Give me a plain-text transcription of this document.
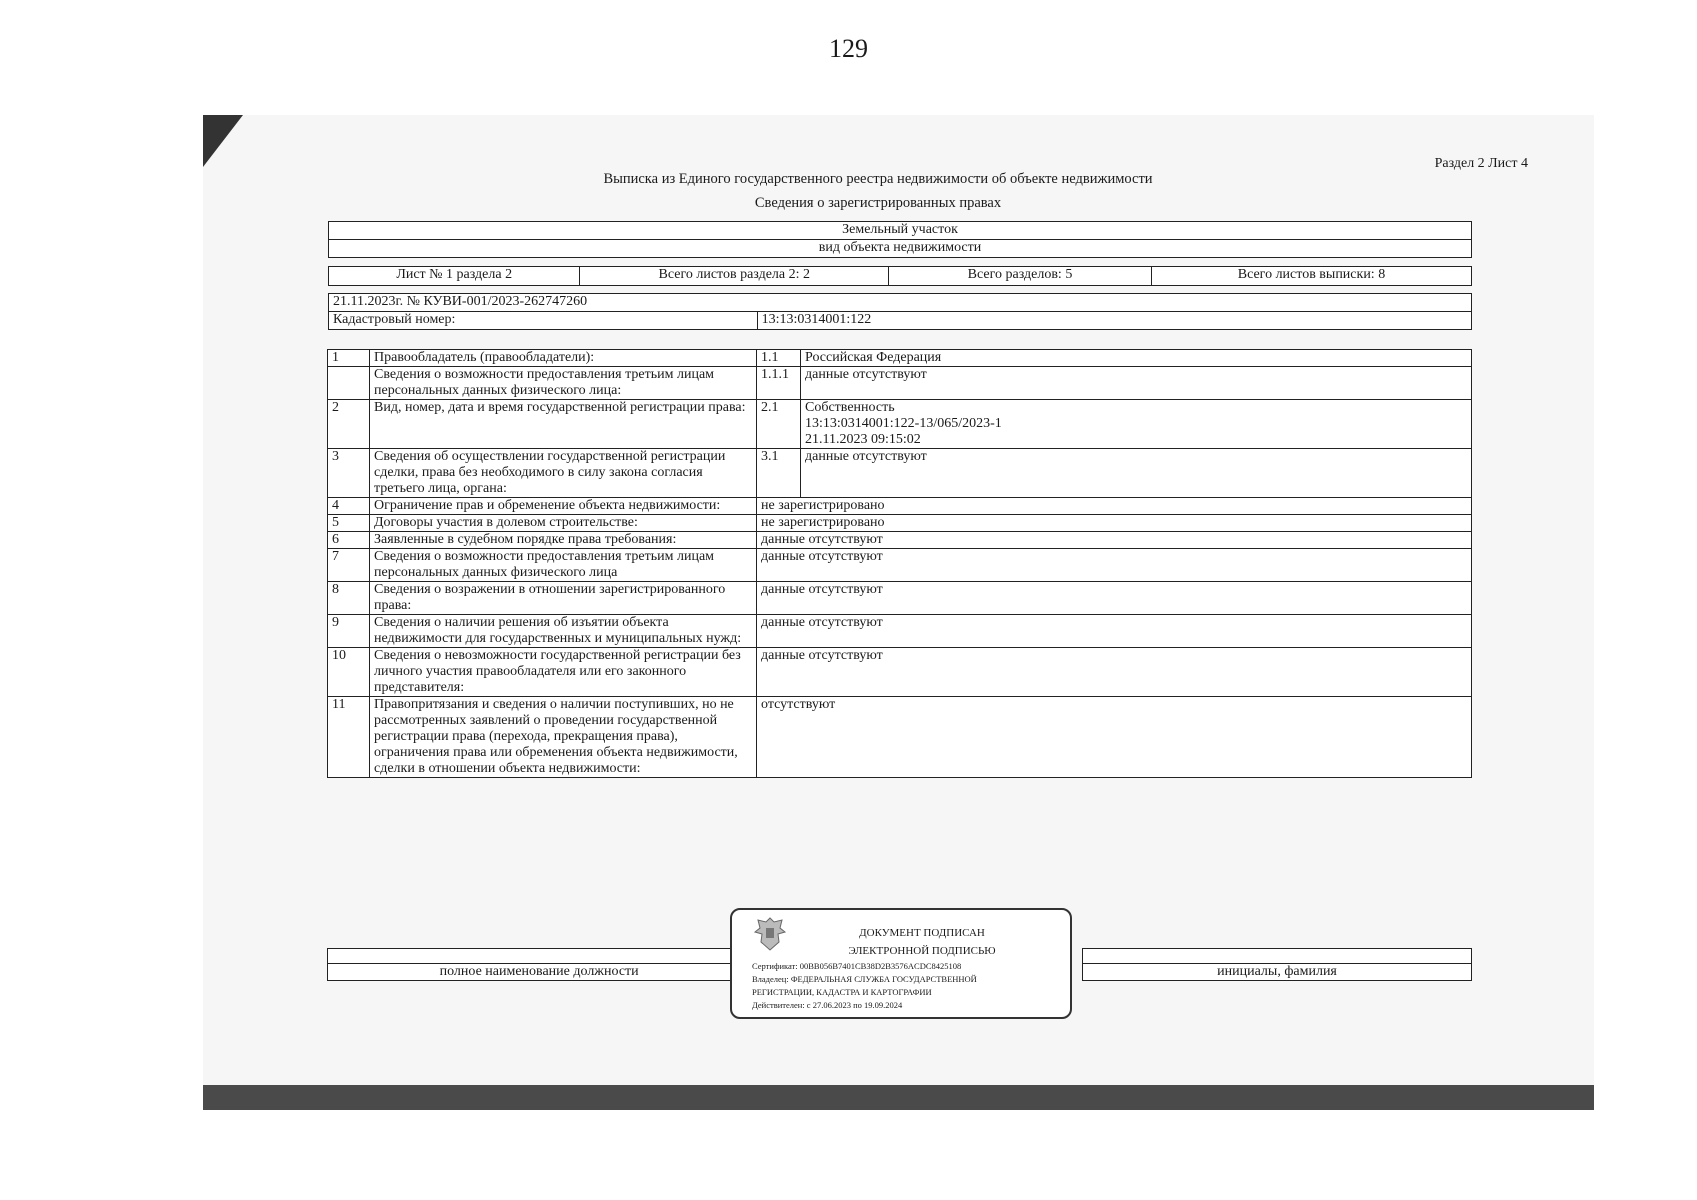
129
Раздел 2 Лист 4
Выписка из Единого государственного реестра недвижимости об объекте недвижимости
Сведения о зарегистрированных правах
Земельный участок
вид объекта недвижимости
Лист № 1 раздела 2	Всего листов раздела 2: 2	Всего разделов: 5	Всего листов выписки: 8
21.11.2023г. № КУВИ-001/2023-262747260
Кадастровый номер:	13:13:0314001:122
1	Правообладатель (правообладатели):	1.1	Российская Федерация
	Сведения о возможности предоставления третьим лицам персональных данных физического лица:	1.1.1	данные отсутствуют
2	Вид, номер, дата и время государственной регистрации права:	2.1	Собственность
13:13:0314001:122-13/065/2023-1
21.11.2023 09:15:02

3	Сведения об осуществлении государственной регистрации сделки, права без необходимого в силу закона согласия третьего лица, органа:	3.1	данные отсутствуют
4	Ограничение прав и обременение объекта недвижимости:	не зарегистрировано	
5	Договоры участия в долевом строительстве:	не зарегистрировано	
6	Заявленные в судебном порядке права требования:	данные отсутствуют	
7	Сведения о возможности предоставления третьим лицам персональных данных физического лица	данные отсутствуют	
8	Сведения о возражении в отношении зарегистрированного права:	данные отсутствуют	
9	Сведения о наличии решения об изъятии объекта недвижимости для государственных и муниципальных нужд:	данные отсутствуют	
10	Сведения о невозможности государственной регистрации без личного участия правообладателя или его законного представителя:	данные отсутствуют	
11	Правопритязания и сведения о наличии поступивших, но не рассмотренных заявлений о проведении государственной регистрации права (перехода, прекращения права), ограничения права или обременения объекта недвижимости, сделки в отношении объекта недвижимости:	отсутствуют	

полное наименование должности		инициалы, фамилия
ДОКУМЕНТ ПОДПИСАН
ЭЛЕКТРОННОЙ ПОДПИСЬЮ
Сертификат: 00BB056B7401CB38D2B3576ACDC8425108
Владелец: ФЕДЕРАЛЬНАЯ СЛУЖБА ГОСУДАРСТВЕННОЙ
РЕГИСТРАЦИИ, КАДАСТРА И КАРТОГРАФИИ
Действителен: с 27.06.2023 по 19.09.2024
